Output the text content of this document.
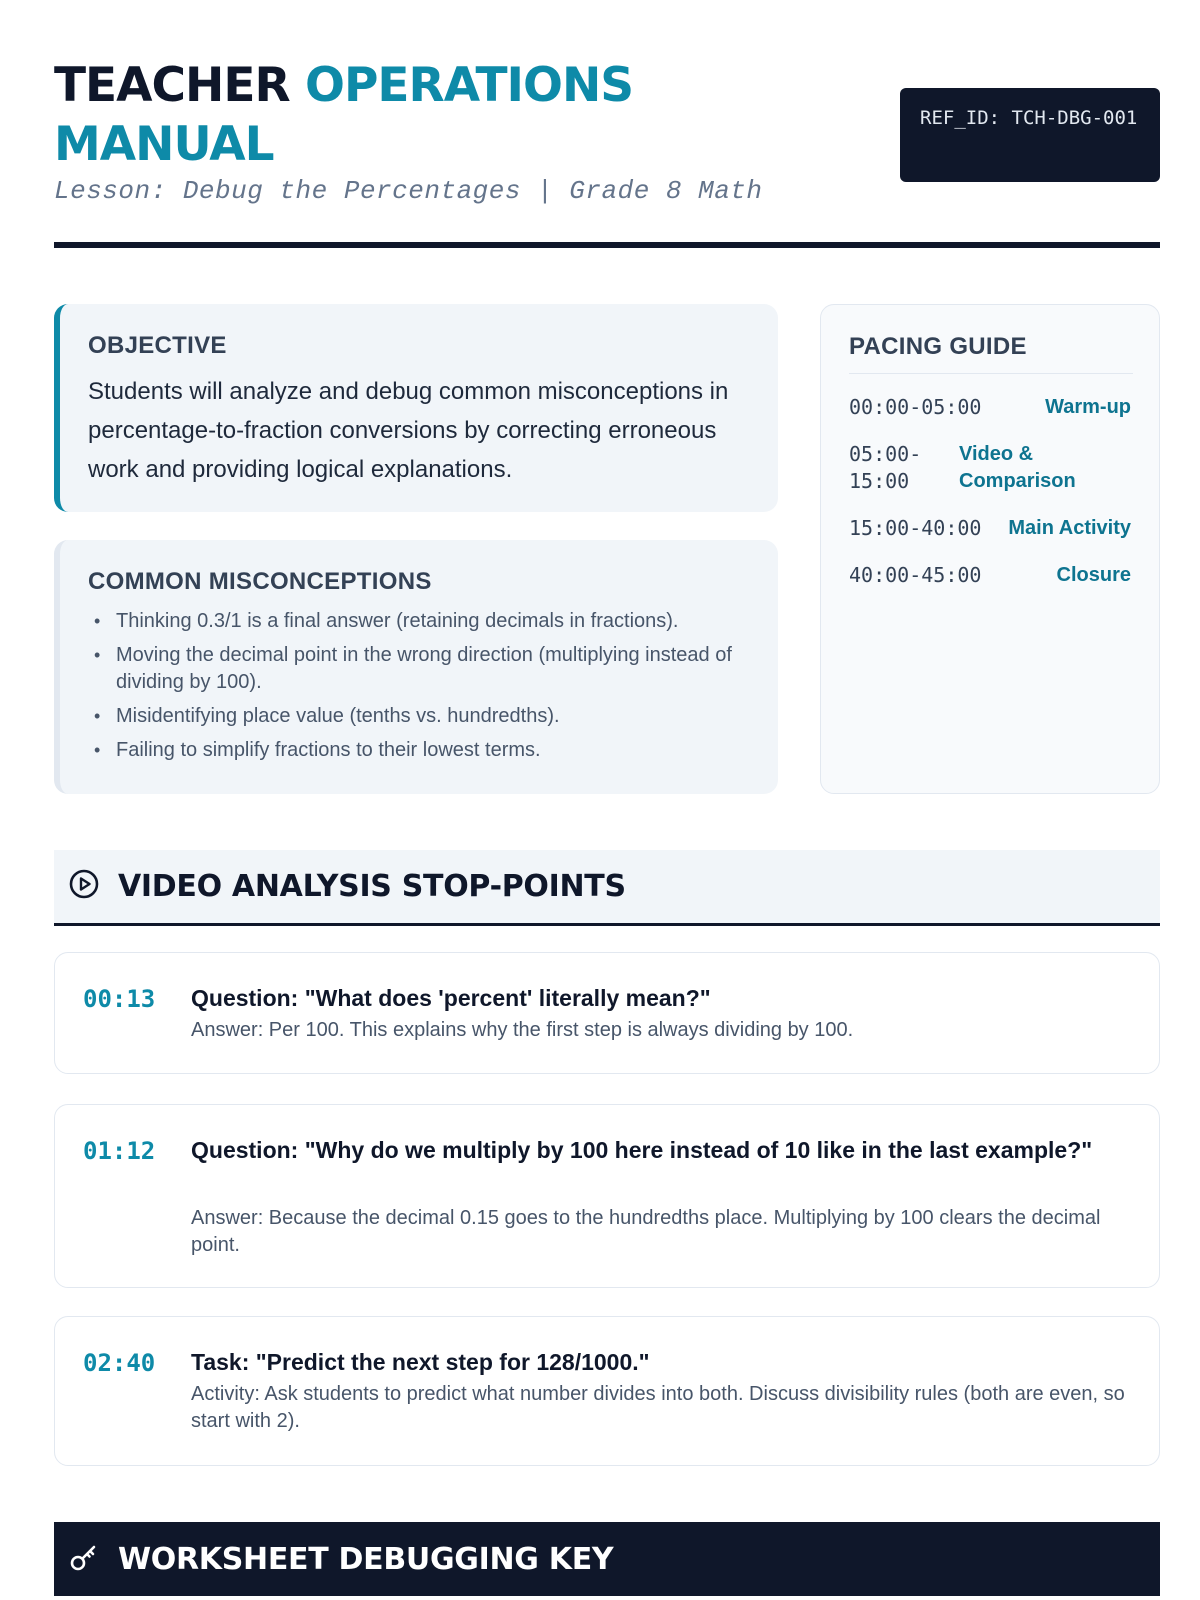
TEACHER OPERATIONS
MANUAL
Lesson: Debug the Percentages | Grade 8 Math
REF_ID: TCH-DBG-001
OBJECTIVE
Students will analyze and debug common misconceptions in percentage-to-fraction conversions by correcting erroneous work and providing logical explanations.
COMMON MISCONCEPTIONS
• Thinking 0.3/1 is a final answer (retaining decimals in fractions).
• Moving the decimal point in the wrong direction (multiplying instead of dividing by 100).
• Misidentifying place value (tenths vs. hundredths).
• Failing to simplify fractions to their lowest terms.
PACING GUIDE
00:00-05:00	Warm-up
05:00-15:00
Video & Comparison
15:00-40:00 Main Activity
40:00-45:00	Closure
VIDEO ANALYSIS STOP-POINTS
00:13 Question: "What does 'percent' literally mean?"
Answer: Per 100. This explains why the first step is always dividing by 100.
01:12 Question: "Why do we multiply by 100 here instead of 10 like in the last example?"
Answer: Because the decimal 0.15 goes to the hundredths place. Multiplying by 100 clears the decimal point.
02:40 Task: "Predict the next step for 128/1000."
Activity: Ask students to predict what number divides into both. Discuss divisibility rules (both are even, so start with 2).
WORKSHEET DEBUGGING KEY
